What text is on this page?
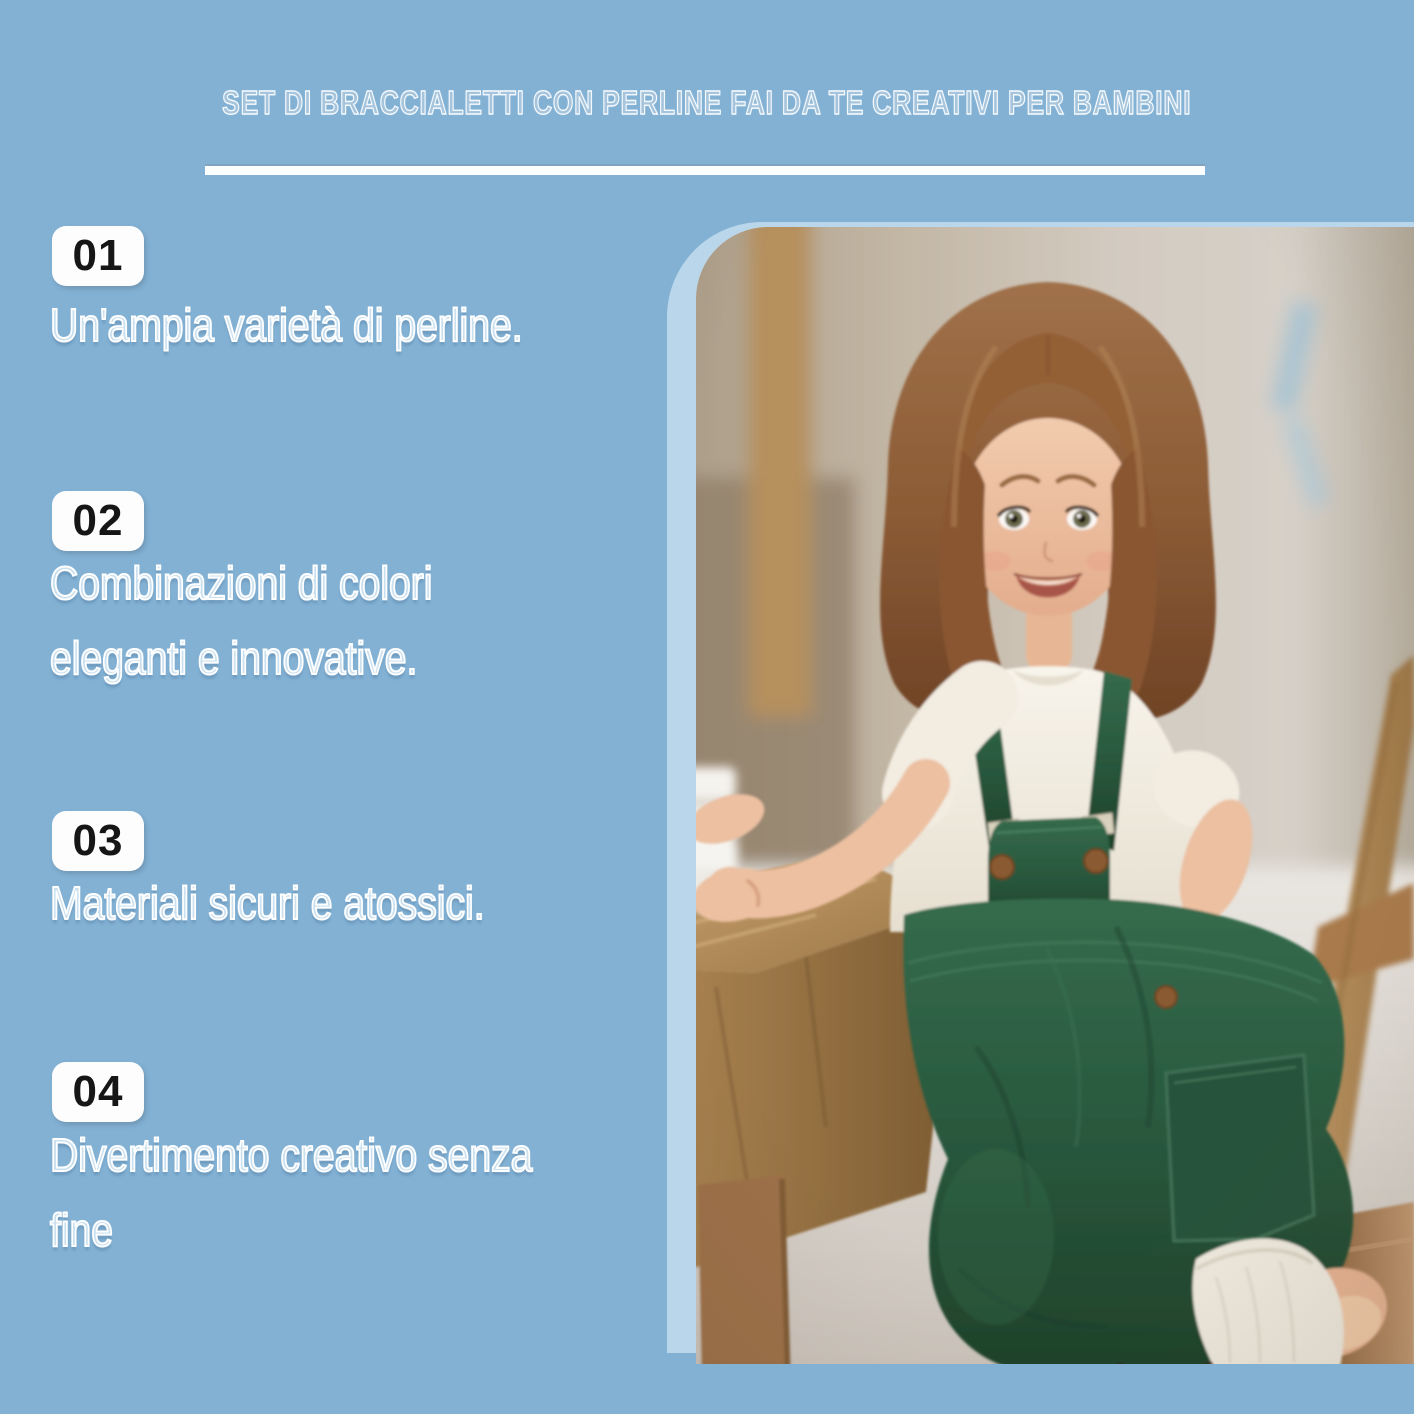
SET DI BRACCIALETTI CON PERLINE FAI DA TE CREATIVI PER BAMBINI
01
Un'ampia varietà di perline.
02
Combinazioni di colori
eleganti e innovative.
03
Materiali sicuri e atossici.
04
Divertimento creativo senza
fine
